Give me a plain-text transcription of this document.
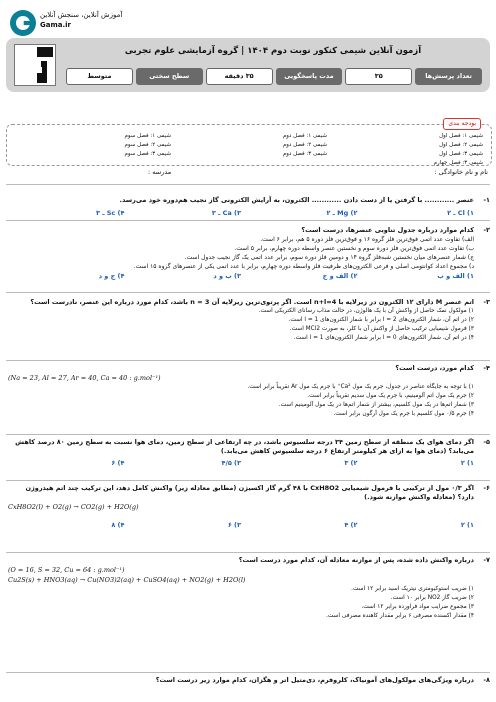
آموزش آنلاین، سنجش آنلاین
Gama.ir
آزمون آنلاین شیمی کنکور نوبت دوم ۱۴۰۴ | گروه آزمایشی علوم تجربی
تعداد پرسش‌ها
۳۵
مدت پاسخگویی
۳۵ دقیقه
سطح سختی
متوسط
بودجه بندی
شیمی ۱: فصل اول
شیمی ۱: فصل دوم
شیمی ۱: فصل سوم
شیمی ۲: فصل اول
شیمی ۲: فصل دوم
شیمی ۲: فصل سوم
شیمی ۳: فصل اول
شیمی ۳: فصل دوم
شیمی ۳: فصل سوم
شیمی ۳: فصل چهارم
نام و نام خانوادگی :
مدرسه :
-۱
عنصر ............ با گرفتن یا از دست دادن ............ الکترون، به آرایش الکترونی گاز نجیب هم‌دوره خود می‌رسد.
۱) Cl ـ ۲
۲) Mg ـ ۲
۳) Ca ـ ۳
۴) Sc ـ ۳
-۲
کدام موارد درباره جدول تناوبی عنصرها، درست است؟
الف) تفاوت عدد اتمی فوق‌ترین فلز گروه ۱۶ و فوق‌ترین فلز دوره ۵ هم، برابر ۶ است.
ب) تفاوت عدد اتمی فوق‌ترین فلز دوره سوم و نخستین عنصر واسطه دوره چهارم، برابر ۵ است.
ج) شمار عنصرهای میان نخستین شبه‌فلز گروه ۱۴ و دومین فلز دوره سوم، برابر عدد اتمی یک گاز نجیب جدول است.
د) مجموع اعداد کوانتومی اصلی و فرعی الکترون‌های ظرفیت فلز واسطه دوره چهارم، برابر با عدد اتمی یکی از عنصرهای گروه ۱۵ است.
۱) الف و ب
۲) الف و ج
۳) ب و د
۴) ج و د
-۳
اتم عنصر M دارای ۱۲ الکترون در زیرلایه با n+l=4 است. اگر پرتوی‌ترین زیرلایه آن n = 3 باشد، کدام مورد درباره این عنصر، نادرست است؟
۱) مولکول نمک حاصل از واکنش آن با یک هالوژن، در حالت مذاب رسانای الکتریکی است.
۲) در اتم آن، شمار الکترون‌های l = 2 برابر با شمار الکترون‌های l = 1 است.
۳) فرمول شیمیایی ترکیب حاصل از واکنش آن با کلر، به صورت MCl2 است.
۴) در اتم آن، شمار الکترون‌های l = 0 برابر شمار الکترون‌های l = 1 است.
-۴
کدام مورد، درست است؟
(Na = 23, Al = 27, Ar = 40, Ca = 40 : g.mol⁻¹)
۱) با توجه به جایگاه عناصر در جدول، جرم یک مول Ca²⁺ با جرم یک مول Ar تقریباً برابر است.
۲) جرم یک مول اتم آلومینیم، با جرم یک مول سدیم تقریباً برابر است.
۳) شمار اتم‌ها در یک مول کلسیم، بیشتر از شمار اتم‌ها در یک مول آلومینیم است.
۴) جرم ۰/۵ مول کلسیم با جرم یک مول آرگون برابر است.
-۵
اگر دمای هوای یک منطقه از سطح زمین ۳۴ درجه سلسیوس باشد، در چه ارتفاعی از سطح زمین، دمای هوا نسبت به سطح زمین ۸۰ درصد کاهش می‌یابد؟ (دمای هوا به ازای هر کیلومتر ارتفاع ۶ درجه سلسیوس کاهش می‌یابد.)
۱) ۲
۲) ۳
۳) ۴/۵
۴) ۶
-۶
اگر ۰/۳ مول از ترکیبی با فرمول شیمیایی CxH8O2 با ۴۸ گرم گاز اکسیژن (مطابق معادله زیر) واکنش کامل دهد، این ترکیب چند اتم هیدروژن دارد؟ (معادله واکنش موازنه شود.)
CxH8O2(l) + O2(g) → CO2(g) + H2O(g)
۱) ۲
۲) ۴
۳) ۶
۴) ۸
-۷
درباره واکنش داده شده، پس از موازنه معادله آن، کدام مورد درست است؟
(O = 16, S = 32, Cu = 64 : g.mol⁻¹)
Cu2S(s) + HNO3(aq) → Cu(NO3)2(aq) + CuSO4(aq) + NO2(g) + H2O(l)
۱) ضریب استوکیومتری نیتریک اسید برابر ۱۲ است.
۲) ضریب گاز NO2 برابر ۱۰ است.
۳) مجموع ضرایب مواد فراورده برابر ۱۲ است.
۴) مقدار اکسنده مصرفی ۶ برابر مقدار کاهنده مصرفی است.
-۸
درباره ویژگی‌های مولکول‌های آمونیاک، کلروفرم، دی‌متیل اتر و هگزان، کدام موارد زیر درست است؟
